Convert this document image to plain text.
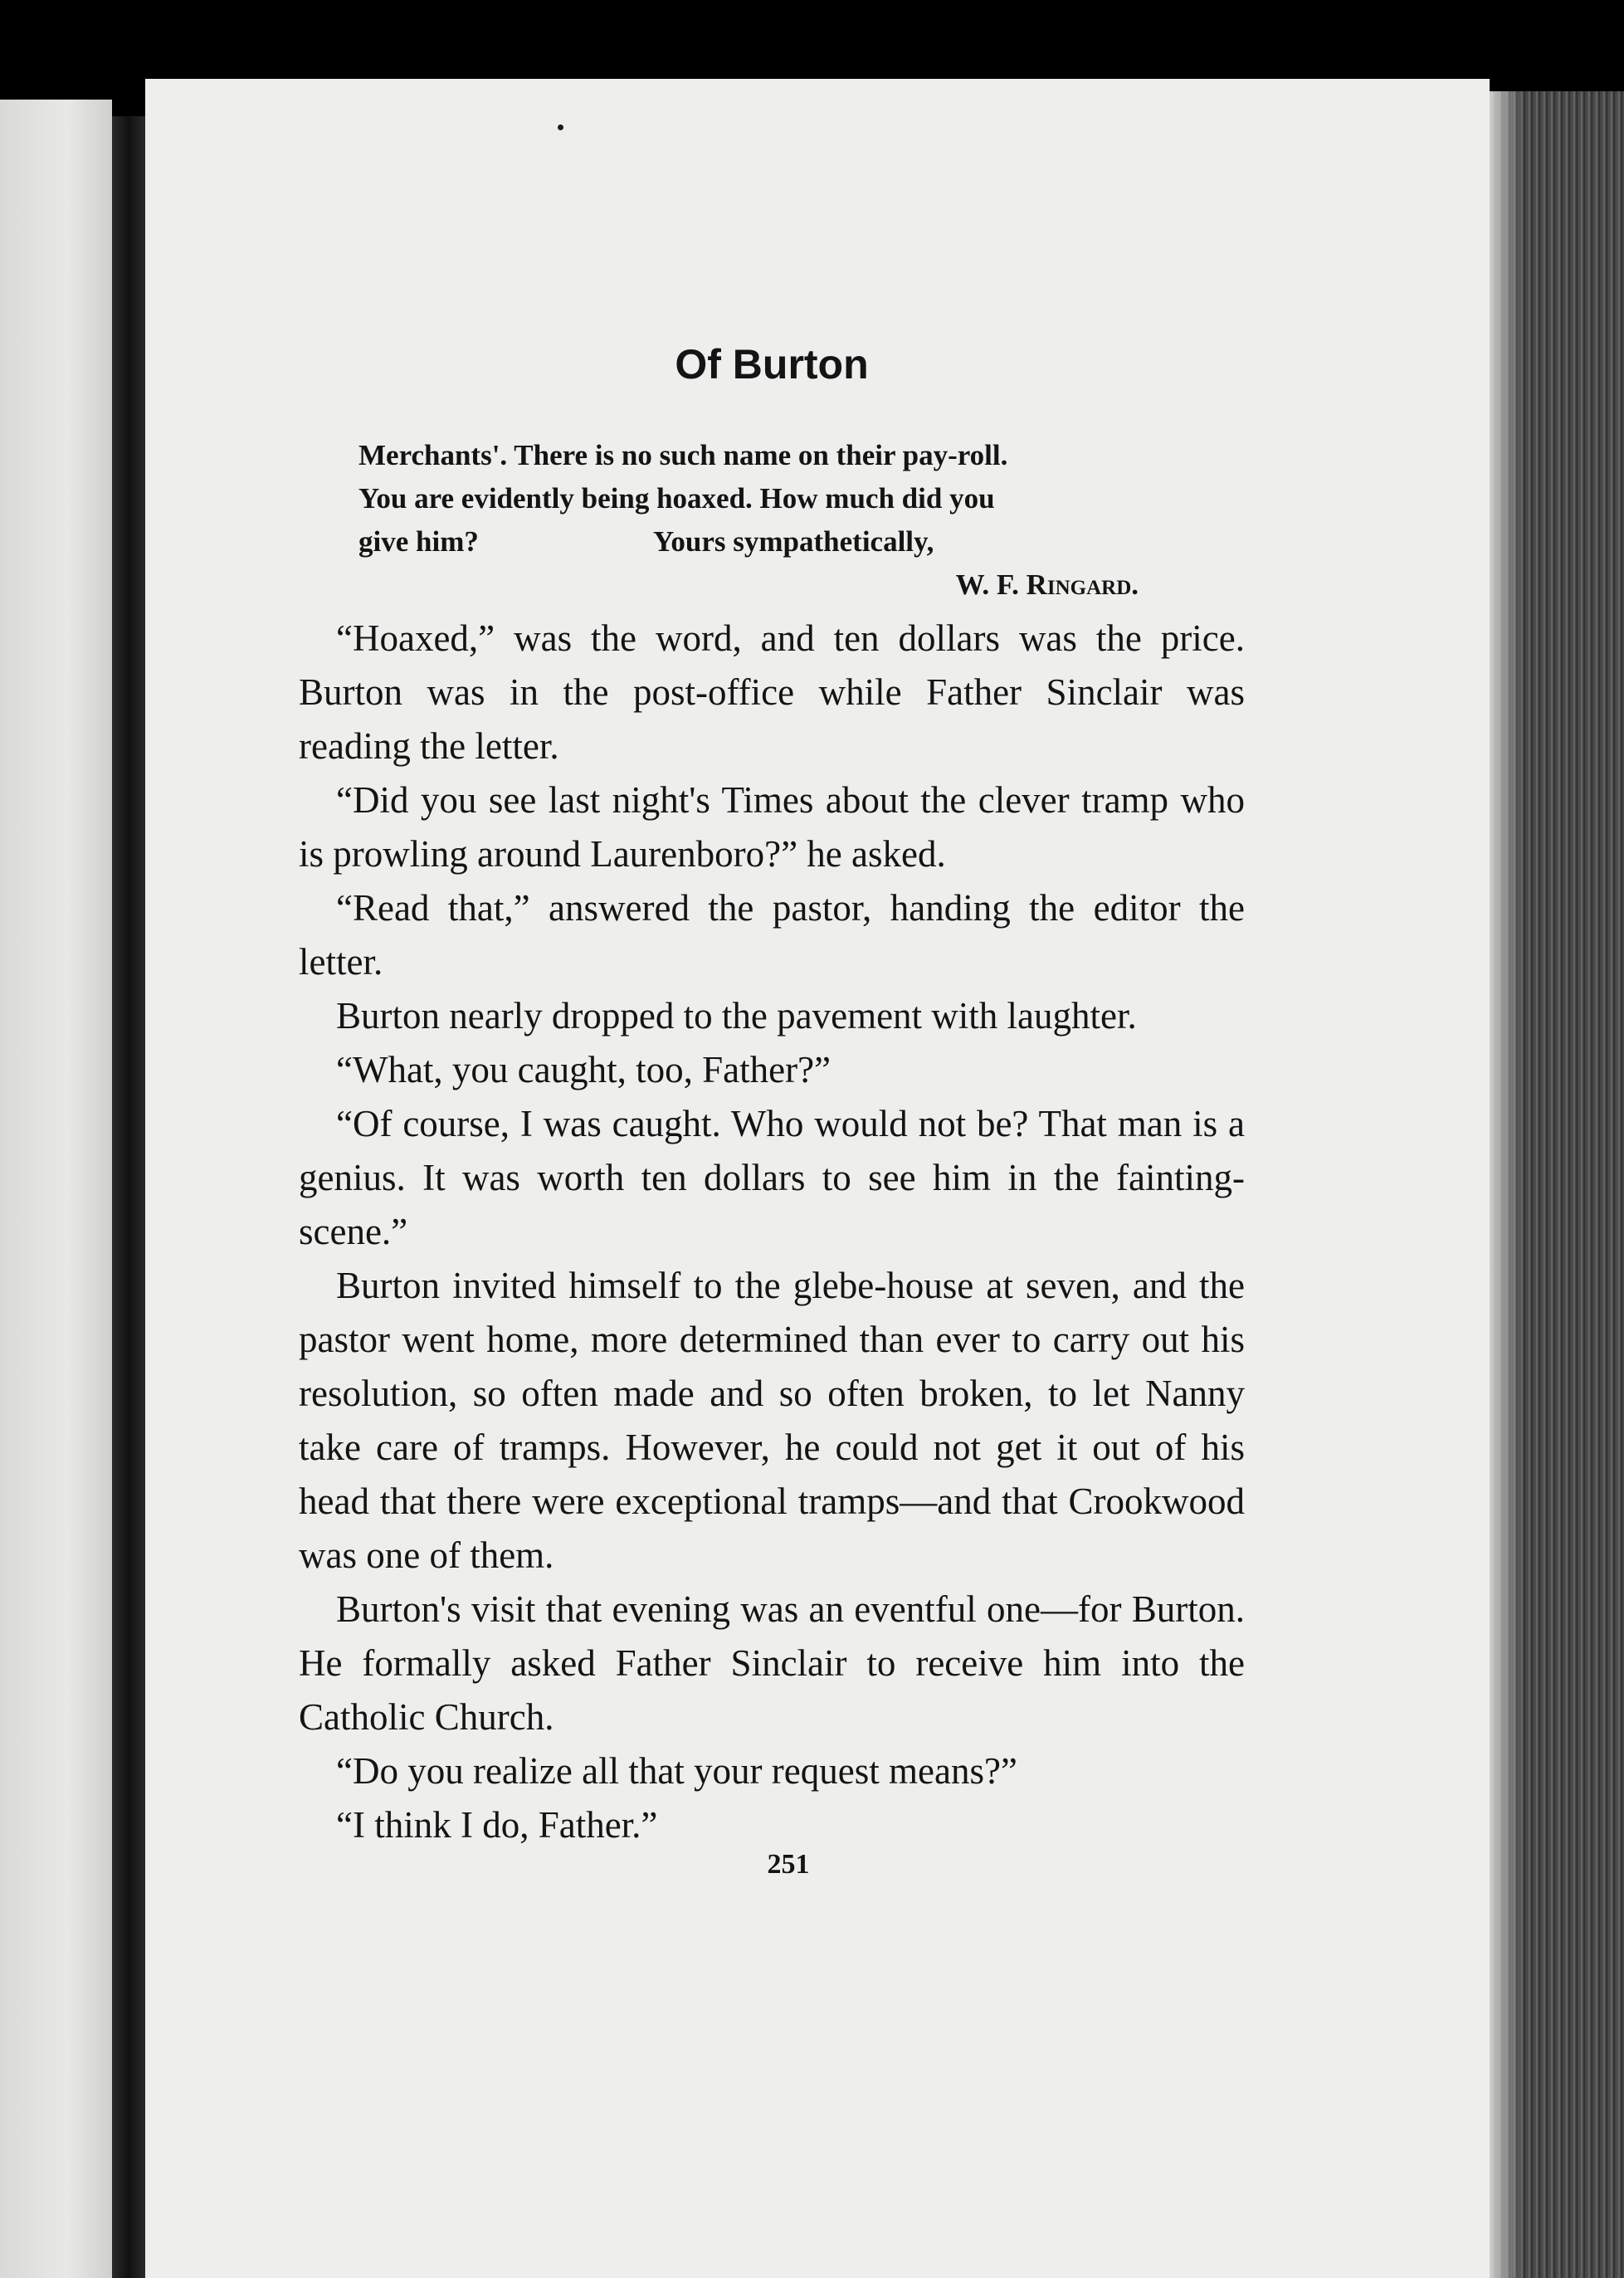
Of Burton
Merchants'. There is no such name on their pay-roll.
You are evidently being hoaxed. How much did you
give him?	Yours sympathetically,
W. F. Ringard.

“Hoaxed,” was the word, and ten dollars was the price. Burton was in the post-office while Father Sinclair was reading the letter.

“Did you see last night's Times about the clever tramp who is prowling around Laurenboro?” he asked.

“Read that,” answered the pastor, handing the editor the letter.

Burton nearly dropped to the pavement with laughter.

“What, you caught, too, Father?”

“Of course, I was caught. Who would not be? That man is a genius. It was worth ten dollars to see him in the fainting-scene.”

Burton invited himself to the glebe-house at seven, and the pastor went home, more determined than ever to carry out his resolution, so often made and so often broken, to let Nanny take care of tramps. However, he could not get it out of his head that there were exceptional tramps—and that Crookwood was one of them.

Burton's visit that evening was an eventful one—for Burton. He formally asked Father Sinclair to receive him into the Catholic Church.

“Do you realize all that your request means?”

“I think I do, Father.”

251
